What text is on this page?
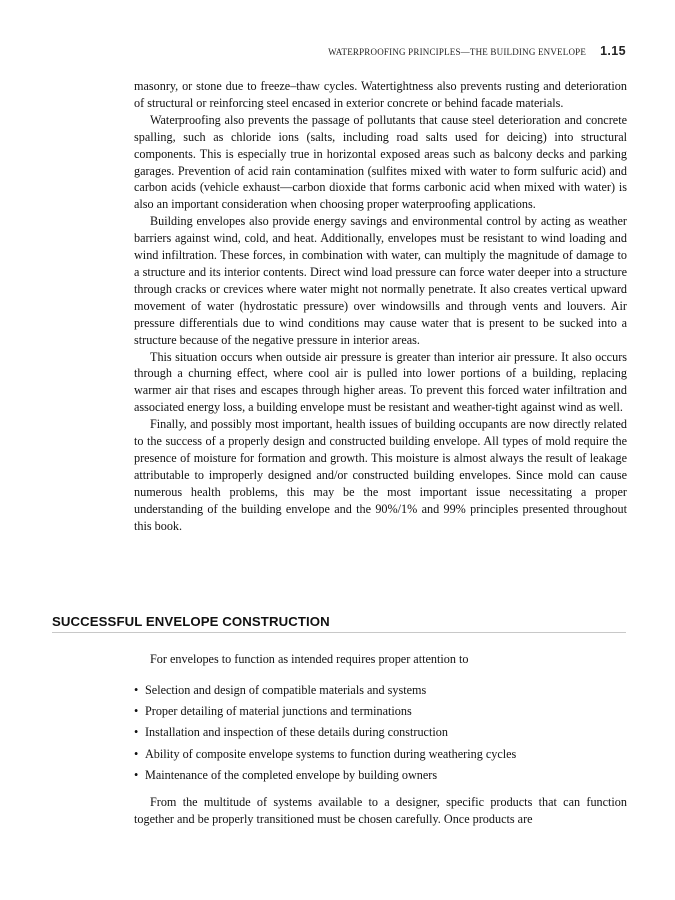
WATERPROOFING PRINCIPLES—THE BUILDING ENVELOPE 1.15

masonry, or stone due to freeze–thaw cycles. Watertightness also prevents rusting and deterioration of structural or reinforcing steel encased in exterior concrete or behind facade materials.

Waterproofing also prevents the passage of pollutants that cause steel deterioration and concrete spalling, such as chloride ions (salts, including road salts used for deicing) into structural components. This is especially true in horizontal exposed areas such as balcony decks and parking garages. Prevention of acid rain contamination (sulfites mixed with water to form sulfuric acid) and carbon acids (vehicle exhaust—carbon dioxide that forms carbonic acid when mixed with water) is also an important consideration when choosing proper waterproofing applications.

Building envelopes also provide energy savings and environmental control by acting as weather barriers against wind, cold, and heat. Additionally, envelopes must be resistant to wind loading and wind infiltration. These forces, in combination with water, can multiply the magnitude of damage to a structure and its interior contents. Direct wind load pressure can force water deeper into a structure through cracks or crevices where water might not normally penetrate. It also creates vertical upward movement of water (hydrostatic pressure) over windowsills and through vents and louvers. Air pressure differentials due to wind conditions may cause water that is present to be sucked into a structure because of the negative pressure in interior areas.

This situation occurs when outside air pressure is greater than interior air pressure. It also occurs through a churning effect, where cool air is pulled into lower portions of a building, replacing warmer air that rises and escapes through higher areas. To prevent this forced water infiltration and associated energy loss, a building envelope must be resistant and weather-tight against wind as well.

Finally, and possibly most important, health issues of building occupants are now directly related to the success of a properly design and constructed building envelope. All types of mold require the presence of moisture for formation and growth. This moisture is almost always the result of leakage attributable to improperly designed and/or constructed building envelopes. Since mold can cause numerous health problems, this may be the most important issue necessitating a proper understanding of the building envelope and the 90%/1% and 99% principles presented throughout this book.

SUCCESSFUL ENVELOPE CONSTRUCTION

For envelopes to function as intended requires proper attention to

• Selection and design of compatible materials and systems
• Proper detailing of material junctions and terminations
• Installation and inspection of these details during construction
• Ability of composite envelope systems to function during weathering cycles
• Maintenance of the completed envelope by building owners

From the multitude of systems available to a designer, specific products that can function together and be properly transitioned must be chosen carefully. Once products are
